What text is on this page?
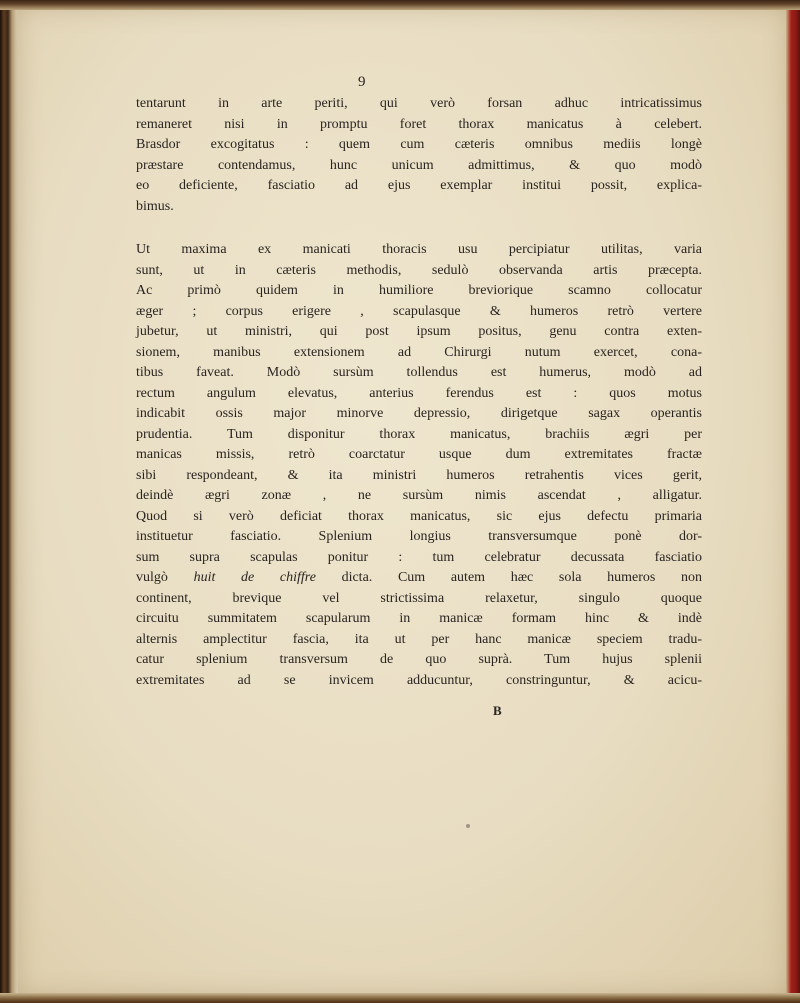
9

tentarunt in arte periti, qui verò forsan adhuc intricatissimus
remaneret nisi in promptu foret thorax manicatus à celebert.
Brasdor excogitatus : quem cum cæteris omnibus mediis longè
præstare contendamus, hunc unicum admittimus, & quo modò
eo deficiente, fasciatio ad ejus exemplar institui possit, explica-
bimus.
Ut maxima ex manicati thoracis usu percipiatur utilitas, varia
sunt, ut in cæteris methodis, sedulò observanda artis præcepta.
Ac primò quidem in humiliore breviorique scamno collocatur
æger ; corpus erigere , scapulasque & humeros retrò vertere
jubetur, ut ministri, qui post ipsum positus, genu contra exten-
sionem, manibus extensionem ad Chirurgi nutum exercet, cona-
tibus faveat. Modò sursùm tollendus est humerus, modò ad
rectum angulum elevatus, anterius ferendus est : quos motus
indicabit ossis major minorve depressio, dirigetque sagax operantis
prudentia. Tum disponitur thorax manicatus, brachiis ægri per
manicas missis, retrò coarctatur usque dum extremitates fractæ
sibi respondeant, & ita ministri humeros retrahentis vices gerit,
deindè ægri zonæ , ne sursùm nimis ascendat , alligatur.
Quod si verò deficiat thorax manicatus, sic ejus defectu primaria
instituetur fasciatio. Splenium longius transversumque ponè dor-
sum supra scapulas ponitur : tum celebratur decussata fasciatio
vulgò huit de chiffre dicta. Cum autem hæc sola humeros non
continent, brevique vel strictissima relaxetur, singulo quoque
circuitu summitatem scapularum in manicæ formam hinc & indè
alternis amplectitur fascia, ita ut per hanc manicæ speciem tradu-
catur splenium transversum de quo suprà. Tum hujus splenii
extremitates ad se invicem adducuntur, constringuntur, & acicu-

B
